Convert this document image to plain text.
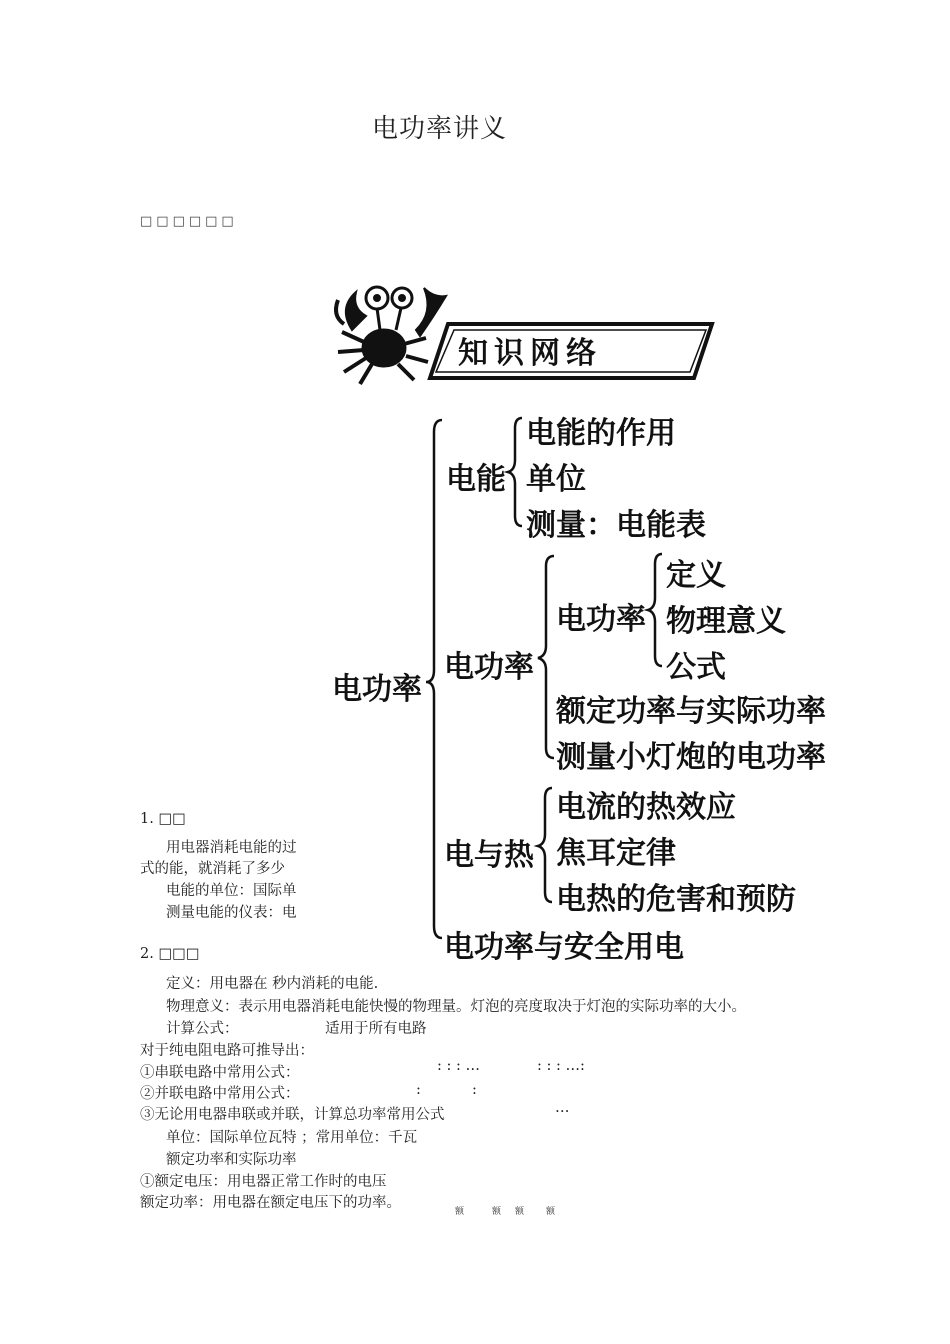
电功率讲义
□□□□□□
1. □□
用电器消耗电能的过
式的能，就消耗了多少
电能的单位：国际单
测量电能的仪表：电
知识网络
电功率
电能
电能的作用
单位
测量：电能表
电功率
电功率
定义
物理意义
公式
额定功率与实际功率
测量小灯炮的电功率
电与热
电流的热效应
焦耳定律
电热的危害和预防
电功率与安全用电
2. □□□
定义：用电器在 秒内消耗的电能.
物理意义：表示用电器消耗电能快慢的物理量。灯泡的亮度取决于灯泡的实际功率的大小。
计算公式：	适用于所有电路
对于纯电阻电路可推导出：
①串联电路中常用公式：	: : : …	: : : …:
②并联电路中常用公式：	:	:
③无论用电器串联或并联，计算总功率常用公式	…
单位：国际单位瓦特 ；常用单位：千瓦
额定功率和实际功率
①额定电压：用电器正常工作时的电压
额定功率：用电器在额定电压下的功率。
额	额 额 额
